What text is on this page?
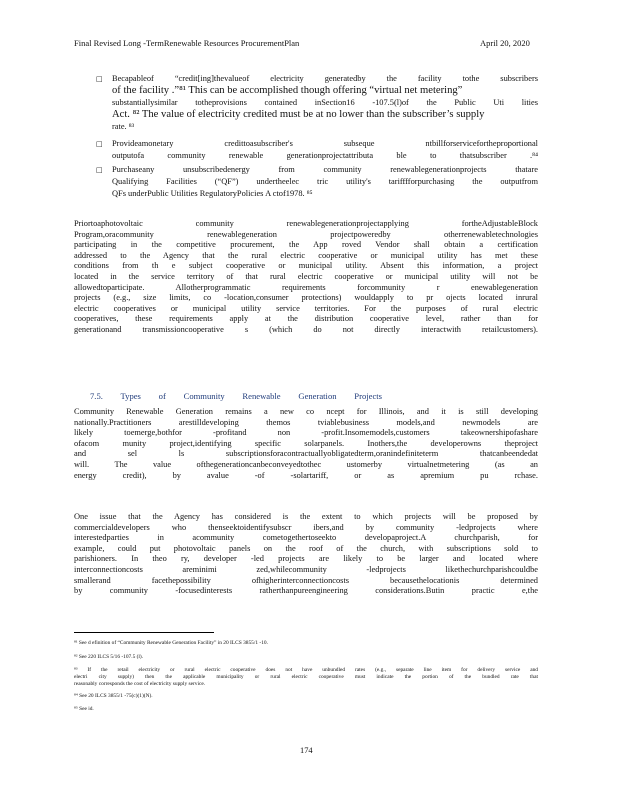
Final Revised Long -TermRenewable Resources ProcurementPlan	April 20, 2020
□ Becapableof “credit[ing]thevalueof electricity generatedby the facility tothe subscribers
of the facility .”⁸¹ This can be accomplished though offering “virtual net metering”
substantiallysimilar totheprovisions contained inSection16 -107.5(l)of the Public Uti lities
Act. ⁸² The value of electricity credited must be at no lower than the subscriber’s supply
rate. ⁸³
□ Provideamonetary credittoasubscriber's subseque ntbillforservicefortheproportional
outputofa community renewable generationprojectattributa ble to thatsubscriber .⁸⁴
□ Purchaseany unsubscribedenergy from community renewablegenerationprojects thatare
Qualifying Facilities (“QF”) undertheelec tric utility's tarifffforpurchasing the outputfrom
QFs underPublic Utilities RegulatoryPolicies A ctof1978. ⁸⁵
Priortoaphotovoltaic community renewablegenerationprojectapplying fortheAdjustableBlock
Program,oracommunity renewablegeneration projectpoweredby otherrenewabletechnologies
participating in the competitive procurement, the App roved Vendor shall obtain a certification
addressed to the Agency that the rural electric cooperative or municipal utility has met these
conditions from th e subject cooperative or municipal utility. Absent this information, a project
located in the service territory of that rural electric cooperative or municipal utility will not be
allowedtoparticipate. Allotherprogrammatic requirements forcommunity r enewablegeneration
projects (e.g., size limits, co -location,consumer protections) wouldapply to pr ojects located inrural
electric cooperatives or municipal utility service territories. For the purposes of rural electric
cooperatives, these requirements apply at the distribution cooperative level, rather than for
generationand transmissioncooperative s (which do not directly interactwith retailcustomers).
7.5. Types of Community Renewable Generation Projects
Community Renewable Generation remains a new co ncept for Illinois, and it is still developing
nationally.Practitioners arestilldeveloping themos tviablebusiness models,and newmodels are
likely toemerge,bothfor -profitand non -profit.Insomemodels,customers takeownershipofashare
ofacom munity project,identifying specific solarpanels. Inothers,the developerowns theproject
and sel ls subscriptionsforacontractuallyobligatedterm,oranindefiniteterm thatcanbeendedat
will. The value ofthegenerationcanbeconveyedtothec ustomerby virtualnetmetering (as an
energy credit), by avalue -of -solartariff, or as apremium pu rchase.
One issue that the Agency has considered is the extent to which projects will be proposed by
commercialdevelopers who thenseektoidentifysubscr ibers,and by community -ledprojects where
interestedparties in acommunity cometogethertoseekto developaproject.A churchparish, for
example, could put photovoltaic panels on the roof of the church, with subscriptions sold to
parishioners. In theo ry, developer -led projects are likely to be larger and located where
interconnectioncosts areminimi zed,whilecommunity -ledprojects likethechurchparishcouldbe
smallerand facethepossibility ofhigherinterconnectioncosts becausethelocationis determined
by community -focusedinterests ratherthanpureengineering considerations.Butin practic e,the
⁸¹ See d efinition of “Community Renewable Generation Facility” in 20 ILCS 3855/1 -10.
⁸² See 220 ILCS 5/16 -107.5 (l).
⁸³ If the retail electricity or rural electric cooperative does not have unbundled rates (e.g., separate line item for delivery service and
electri city supply) then the applicable municipality or rural electric cooperative must indicate the portion of the bundled rate that
reasonably corresponds the cost of electricity supply service.
⁸⁴ See 20 ILCS 3855/1 -75(c)(1)(N).
⁸⁵ See id.
174
